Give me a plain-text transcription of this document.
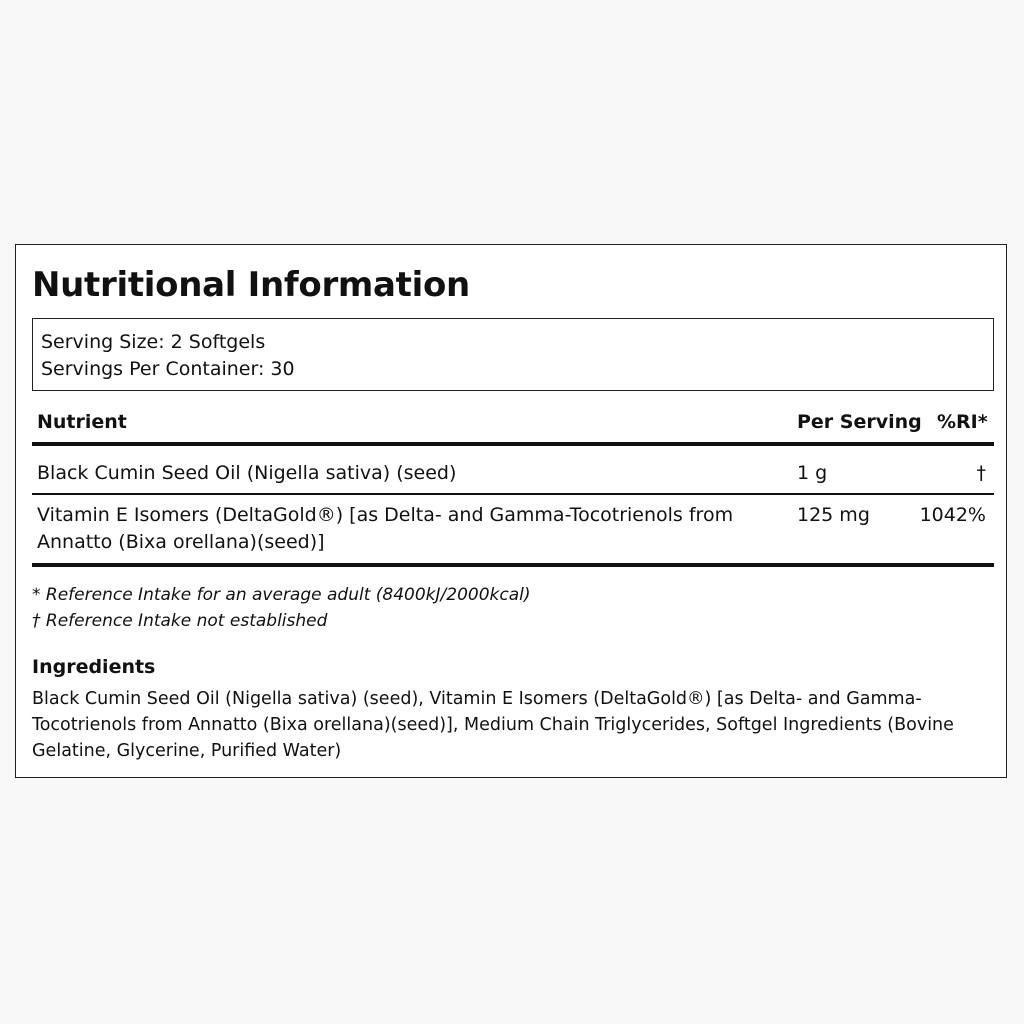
Nutritional Information
Serving Size: 2 Softgels
Servings Per Container: 30
Nutrient	Per Serving %RI*
Black Cumin Seed Oil (Nigella sativa) (seed)	1 g	†
Vitamin E Isomers (DeltaGold®) [as Delta- and Gamma-Tocotrienols from
Annatto (Bixa orellana)(seed)]
125 mg	1042%
* Reference Intake for an average adult (8400kJ/2000kcal)
† Reference Intake not established
Ingredients
Black Cumin Seed Oil (Nigella sativa) (seed), Vitamin E Isomers (DeltaGold®) [as Delta- and Gamma-Tocotrienols from Annatto (Bixa orellana)(seed)], Medium Chain Triglycerides, Softgel Ingredients (Bovine Gelatine, Glycerine, Purified Water)
